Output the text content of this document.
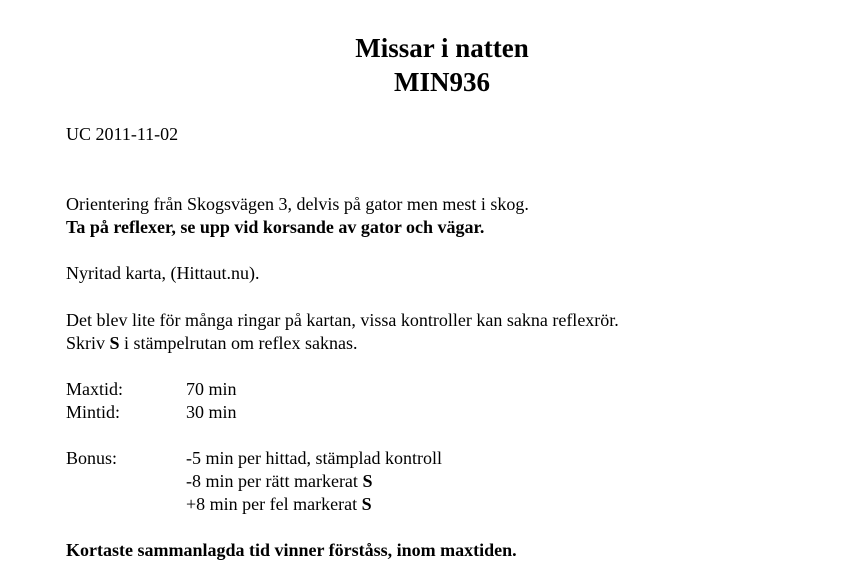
Missar i natten
MIN936
UC 2011-11-02
Orientering från Skogsvägen 3, delvis på gator men mest i skog.
Ta på reflexer, se upp vid korsande av gator och vägar.
Nyritad karta, (Hittaut.nu).
Det blev lite för många ringar på kartan, vissa kontroller kan sakna reflexrör.
Skriv S i stämpelrutan om reflex saknas.
Maxtid:	70 min
Mintid:	30 min
Bonus:	-5 min per hittad, stämplad kontroll
-8 min per rätt markerat S
+8 min per fel markerat S
Kortaste sammanlagda tid vinner förståss, inom maxtiden.
